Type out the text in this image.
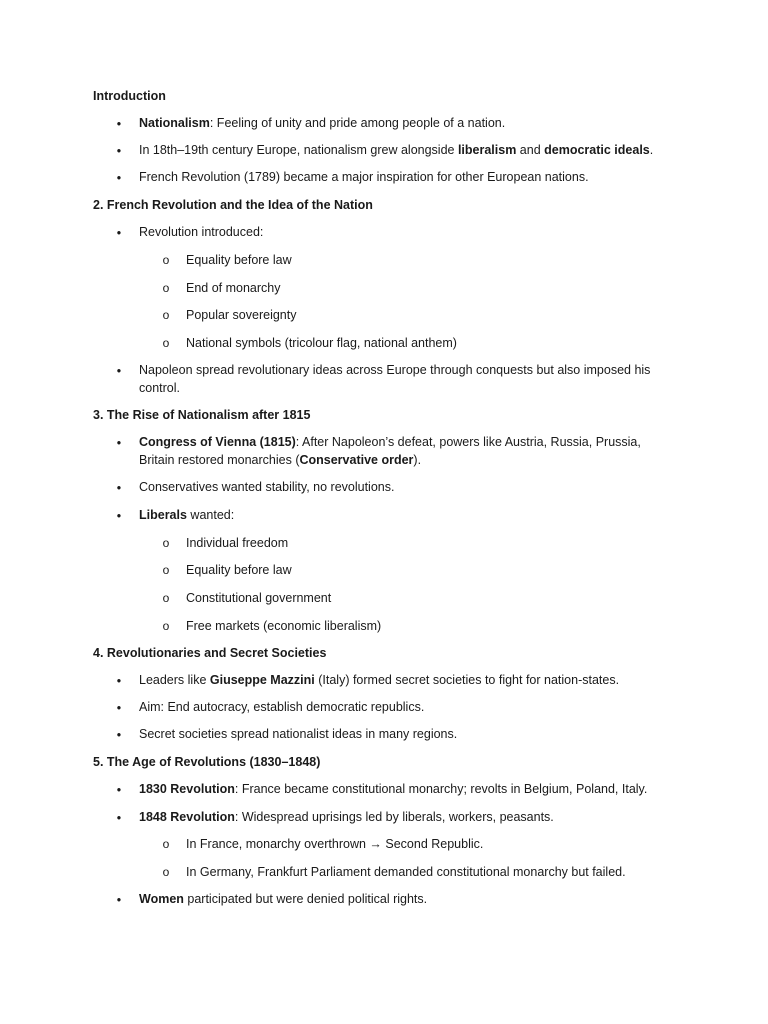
Introduction
•	Nationalism: Feeling of unity and pride among people of a nation.
•	In 18th–19th century Europe, nationalism grew alongside liberalism and democratic ideals.
•	French Revolution (1789) became a major inspiration for other European nations.
2. French Revolution and the Idea of the Nation
•	Revolution introduced:
o	Equality before law
o	End of monarchy
o	Popular sovereignty
o	National symbols (tricolour flag, national anthem)
•	Napoleon spread revolutionary ideas across Europe through conquests but also imposed his control.
3. The Rise of Nationalism after 1815
•	Congress of Vienna (1815): After Napoleon’s defeat, powers like Austria, Russia, Prussia, Britain restored monarchies (Conservative order).
•	Conservatives wanted stability, no revolutions.
•	Liberals wanted:
o	Individual freedom
o	Equality before law
o	Constitutional government
o	Free markets (economic liberalism)
4. Revolutionaries and Secret Societies
•	Leaders like Giuseppe Mazzini (Italy) formed secret societies to fight for nation-states.
•	Aim: End autocracy, establish democratic republics.
•	Secret societies spread nationalist ideas in many regions.
5. The Age of Revolutions (1830–1848)
•	1830 Revolution: France became constitutional monarchy; revolts in Belgium, Poland, Italy.
•	1848 Revolution: Widespread uprisings led by liberals, workers, peasants.
o	In France, monarchy overthrown → Second Republic.
o	In Germany, Frankfurt Parliament demanded constitutional monarchy but failed.
•	Women participated but were denied political rights.
